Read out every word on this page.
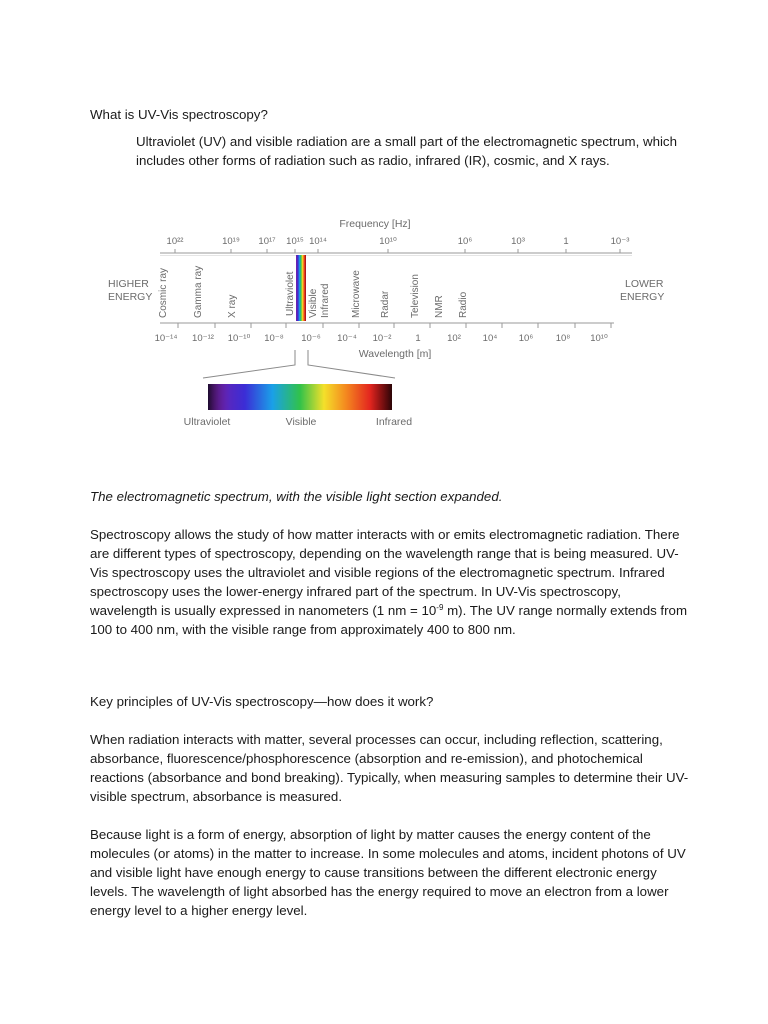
What is UV-Vis spectroscopy?

Ultraviolet (UV) and visible radiation are a small part of the electromagnetic spectrum, which includes other forms of radiation such as radio, infrared (IR), cosmic, and X rays.

Frequency [Hz]
10²²	10¹⁹ 10¹⁷ 10¹⁵ 10¹⁴	10¹⁰	10⁶	10³	1	10⁻³
Cosmic ray Gamma ray X ray	Ultraviolet Visible Infrared Microwave Radar Television NMR Radio
HIGHER
ENERGY
LOWER
ENERGY
10⁻¹⁴ 10⁻¹² 10⁻¹⁰ 10⁻⁸ 10⁻⁶ 10⁻⁴ 10⁻²	1	10² 10⁴ 10⁶ 10⁸ 10¹⁰
Wavelength [m]
Ultraviolet	Visible	Infrared

The electromagnetic spectrum, with the visible light section expanded.

Spectroscopy allows the study of how matter interacts with or emits electromagnetic radiation. There are different types of spectroscopy, depending on the wavelength range that is being measured. UV-Vis spectroscopy uses the ultraviolet and visible regions of the electromagnetic spectrum. Infrared spectroscopy uses the lower-energy infrared part of the spectrum. In UV-Vis spectroscopy, wavelength is usually expressed in nanometers (1 nm = $10^{-9}$ m). The UV range normally extends from 100 to 400 nm, with the visible range from approximately 400 to 800 nm.

Key principles of UV-Vis spectroscopy—how does it work?

When radiation interacts with matter, several processes can occur, including reflection, scattering, absorbance, fluorescence/phosphorescence (absorption and re-emission), and photochemical reactions (absorbance and bond breaking). Typically, when measuring samples to determine their UV-visible spectrum, absorbance is measured.

Because light is a form of energy, absorption of light by matter causes the energy content of the molecules (or atoms) in the matter to increase. In some molecules and atoms, incident photons of UV and visible light have enough energy to cause transitions between the different electronic energy levels. The wavelength of light absorbed has the energy required to move an electron from a lower energy level to a higher energy level.
